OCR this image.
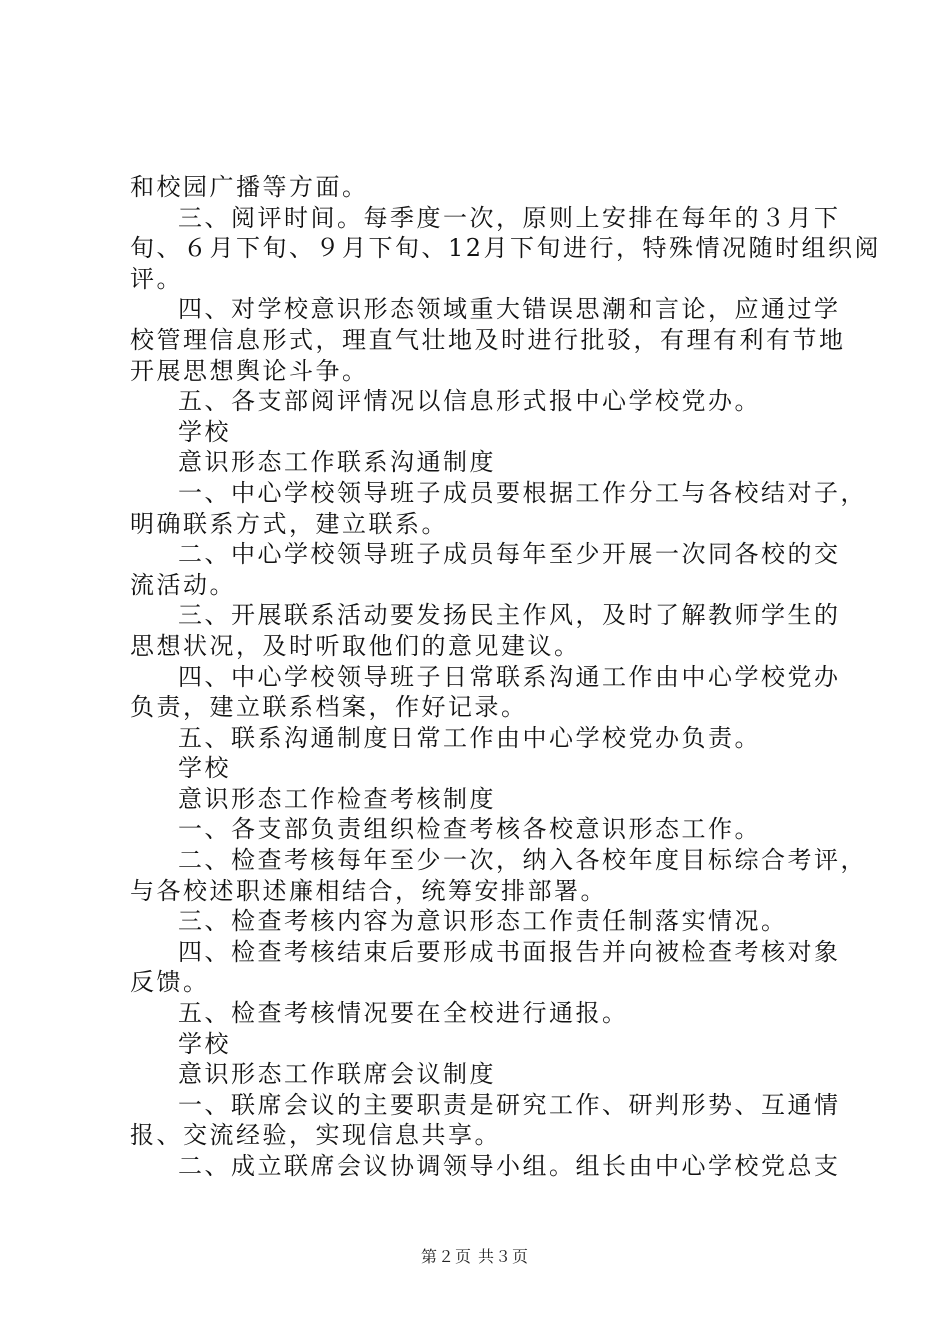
和校园广播等方面。
三、阅评时间。每季度一次，原则上安排在每年的３月下
旬、６月下旬、９月下旬、12月下旬进行，特殊情况随时组织阅
评。
四、对学校意识形态领域重大错误思潮和言论，应通过学
校管理信息形式，理直气壮地及时进行批驳，有理有利有节地
开展思想舆论斗争。
五、各支部阅评情况以信息形式报中心学校党办。
学校
意识形态工作联系沟通制度
一、中心学校领导班子成员要根据工作分工与各校结对子，
明确联系方式，建立联系。
二、中心学校领导班子成员每年至少开展一次同各校的交
流活动。
三、开展联系活动要发扬民主作风，及时了解教师学生的
思想状况，及时听取他们的意见建议。
四、中心学校领导班子日常联系沟通工作由中心学校党办
负责，建立联系档案，作好记录。
五、联系沟通制度日常工作由中心学校党办负责。
学校
意识形态工作检查考核制度
一、各支部负责组织检查考核各校意识形态工作。
二、检查考核每年至少一次，纳入各校年度目标综合考评，
与各校述职述廉相结合，统筹安排部署。
三、检查考核内容为意识形态工作责任制落实情况。
四、检查考核结束后要形成书面报告并向被检查考核对象
反馈。
五、检查考核情况要在全校进行通报。
学校
意识形态工作联席会议制度
一、联席会议的主要职责是研究工作、研判形势、互通情
报、交流经验，实现信息共享。
二、成立联席会议协调领导小组。组长由中心学校党总支
第２页 共３页
